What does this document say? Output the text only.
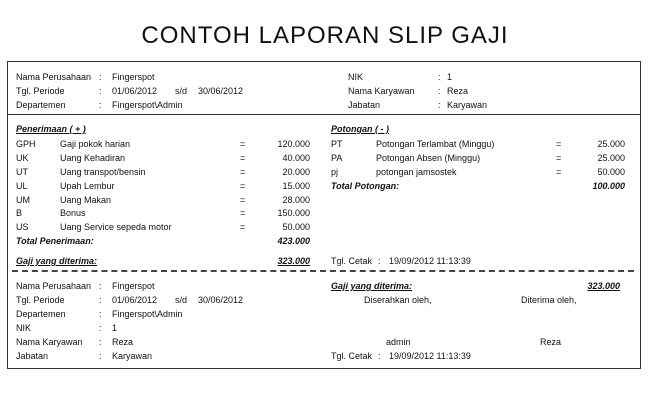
CONTOH LAPORAN SLIP GAJI
Nama Perusahaan : Fingerspot
Tgl. Periode	: 01/06/2012 s/d 30/06/2012
Departemen	: Fingerspot\Admin
NIK	: 1
Nama Karyawan	: Reza
Jabatan	: Karyawan
Penerimaan ( + )
GPH	Gaji pokok harian	=	120.000
UK	Uang Kehadiran	=	40.000
UT	Uang transpot/bensin	=	20.000
UL	Upah Lembur	=	15.000
UM	Uang Makan	=	28.000
B	Bonus	=	150.000
US	Uang Service sepeda motor	=	50.000
Total Penerimaan:	423.000
Gaji yang diterima:	323.000
Potongan ( - )
PT	Potongan Terlambat (Minggu)	=	25.000
PA	Potongan Absen (Minggu)	=	25.000
pj	potongan jamsostek	=	50.000
Total Potongan:	100.000
Tgl. Cetak : 19/09/2012 11:13:39
Nama Perusahaan : Fingerspot
Tgl. Periode	: 01/06/2012 s/d 30/06/2012
Departemen	: Fingerspot\Admin
NIK	: 1
Nama Karyawan : Reza
Jabatan	: Karyawan
Gaji yang diterima:	323.000
Diserahkan oleh,	Diterima oleh,
admin	Reza
Tgl. Cetak : 19/09/2012 11:13:39
